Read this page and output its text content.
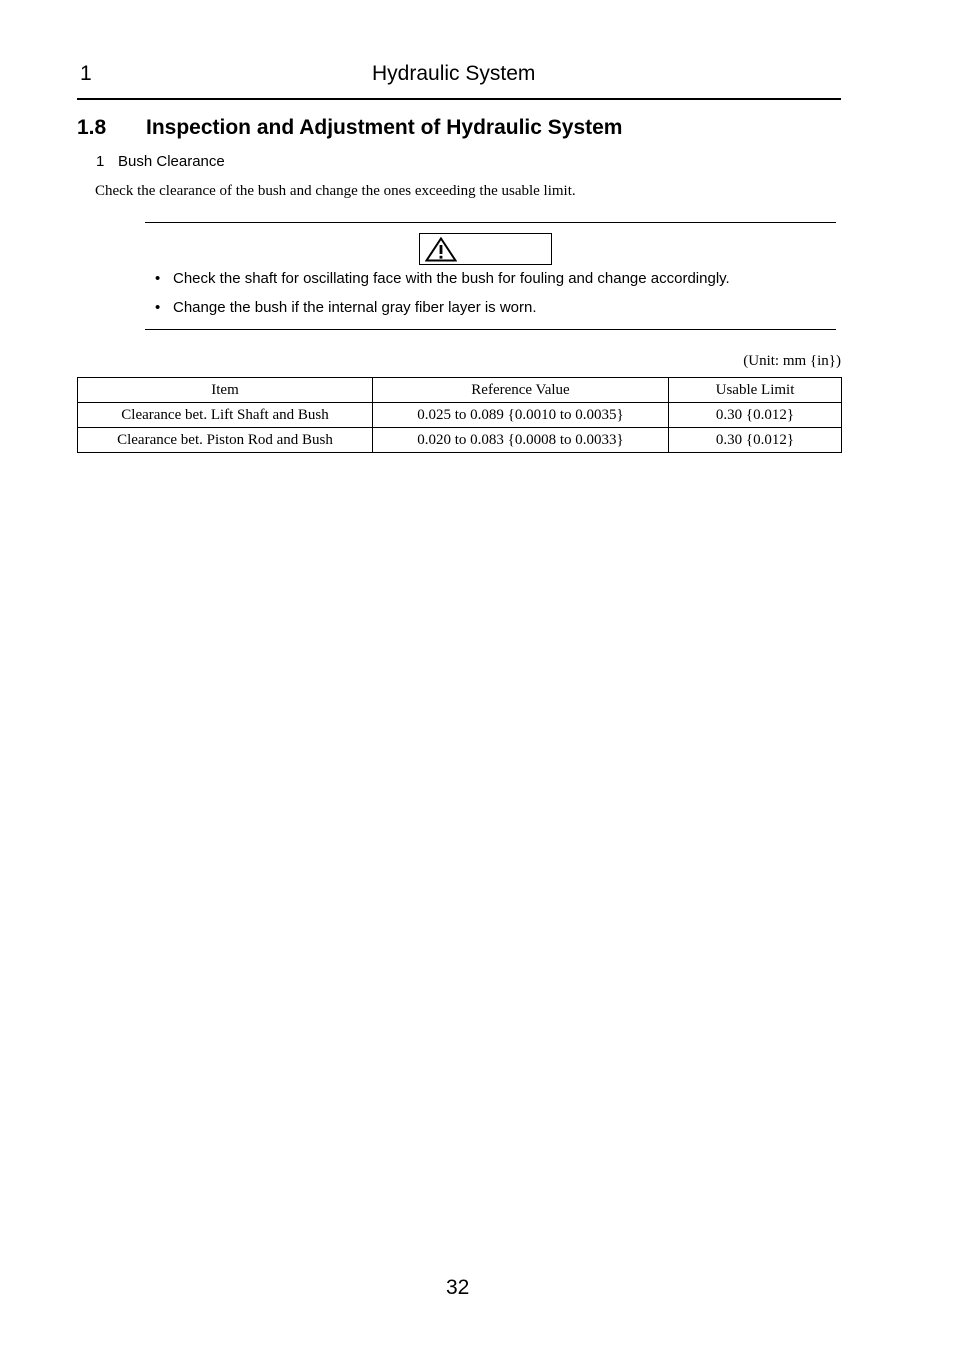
1	Hydraulic System
1.8 Inspection and Adjustment of Hydraulic System
1 Bush Clearance
Check the clearance of the bush and change the ones exceeding the usable limit.
• Check the shaft for oscillating face with the bush for fouling and change accordingly.
• Change the bush if the internal gray fiber layer is worn.
(Unit: mm {in})
Item	Reference Value	Usable Limit
Clearance bet. Lift Shaft and Bush	0.025 to 0.089 {0.0010 to 0.0035}	0.30 {0.012}
Clearance bet. Piston Rod and Bush	0.020 to 0.083 {0.0008 to 0.0033}	0.30 {0.012}
32
